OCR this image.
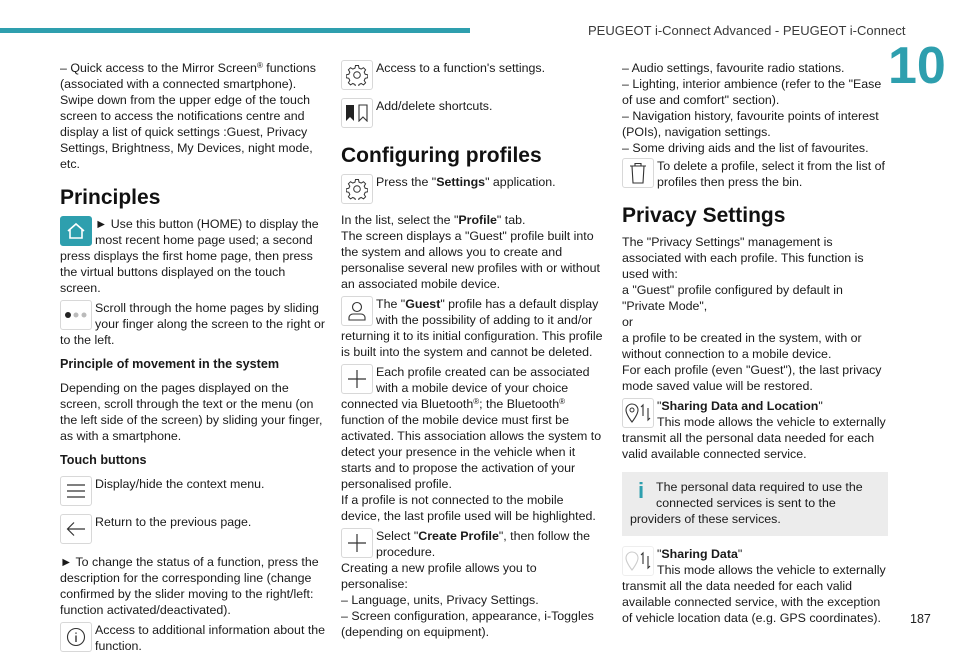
PEUGEOT i-Connect Advanced - PEUGEOT i-Connect
10

– Quick access to the Mirror Screen® functions (associated with a connected smartphone).

Swipe down from the upper edge of the touch screen to access the notifications centre and display a list of quick settings :Guest, Privacy Settings, Brightness, My Devices, night mode, etc.

Principles

► Use this button (HOME) to display the most recent home page used; a second press displays the first home page, then press the virtual buttons displayed on the touch screen.

Scroll through the home pages by sliding your finger along the screen to the right or to the left.

Principle of movement in the system

Depending on the pages displayed on the screen, scroll through the text or the menu (on the left side of the screen) by sliding your finger, as with a smartphone.

Touch buttons

Display/hide the context menu.

Return to the previous page.

► To change the status of a function, press the description for the corresponding line (change confirmed by the slider moving to the right/left: function activated/deactivated).

Access to additional information about the function.

Access to a function's settings.

Add/delete shortcuts.

Configuring profiles

Press the "Settings" application.

In the list, select the "Profile" tab.

The screen displays a "Guest" profile built into the system and allows you to create and personalise several new profiles with or without an associated mobile device.

The "Guest" profile has a default display with the possibility of adding to it and/or returning it to its initial configuration. This profile is built into the system and cannot be deleted.

Each profile created can be associated with a mobile device of your choice connected via Bluetooth®; the Bluetooth® function of the mobile device must first be activated. This association allows the system to detect your presence in the vehicle when it starts and to propose the activation of your personalised profile.

If a profile is not connected to the mobile device, the last profile used will be highlighted.

Select "Create Profile", then follow the procedure.

Creating a new profile allows you to personalise:

– Language, units, Privacy Settings.

– Screen configuration, appearance, i-Toggles (depending on equipment).

– Audio settings, favourite radio stations.

– Lighting, interior ambience (refer to the "Ease of use and comfort" section).

– Navigation history, favourite points of interest (POIs), navigation settings.

– Some driving aids and the list of favourites.

To delete a profile, select it from the list of profiles then press the bin.

Privacy Settings

The "Privacy Settings" management is associated with each profile. This function is used with:

a "Guest" profile configured by default in "Private Mode",

or

a profile to be created in the system, with or without connection to a mobile device.

For each profile (even "Guest"), the last privacy mode saved value will be restored.

"Sharing Data and Location"
This mode allows the vehicle to externally transmit all the personal data needed for each valid available connected service.

i The personal data required to use the connected services is sent to the providers of these services.

"Sharing Data"
This mode allows the vehicle to externally transmit all the data needed for each valid available connected service, with the exception of vehicle location data (e.g. GPS coordinates).	187
